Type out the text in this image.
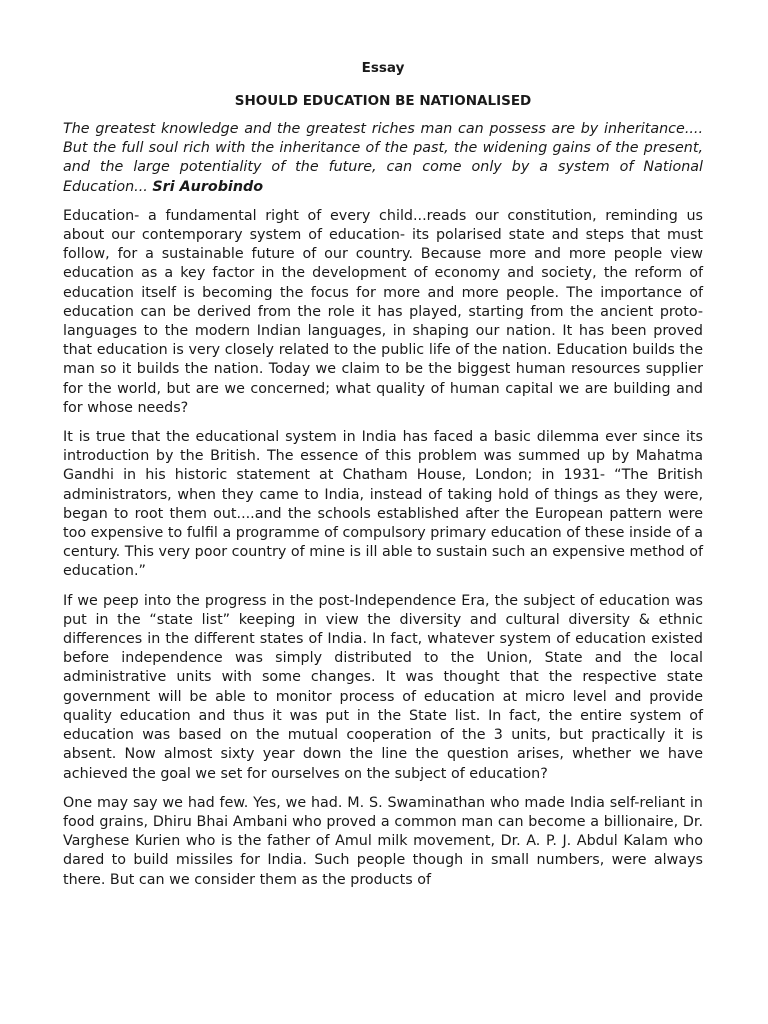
Essay
SHOULD EDUCATION BE NATIONALISED

The greatest knowledge and the greatest riches man can possess are by inheritance.... But the full soul rich with the inheritance of the past, the widening gains of the present, and the large potentiality of the future, can come only by a system of National Education... Sri Aurobindo

Education- a fundamental right of every child...reads our constitution, reminding us about our contemporary system of education- its polarised state and steps that must follow, for a sustainable future of our country. Because more and more people view education as a key factor in the development of economy and society, the reform of education itself is becoming the focus for more and more people. The importance of education can be derived from the role it has played, starting from the ancient proto-languages to the modern Indian languages, in shaping our nation. It has been proved that education is very closely related to the public life of the nation. Education builds the man so it builds the nation. Today we claim to be the biggest human resources supplier for the world, but are we concerned; what quality of human capital we are building and for whose needs?

It is true that the educational system in India has faced a basic dilemma ever since its introduction by the British. The essence of this problem was summed up by Mahatma Gandhi in his historic statement at Chatham House, London; in 1931- “The British administrators, when they came to India, instead of taking hold of things as they were, began to root them out....and the schools established after the European pattern were too expensive to fulfil a programme of compulsory primary education of these inside of a century. This very poor country of mine is ill able to sustain such an expensive method of education.”

If we peep into the progress in the post-Independence Era, the subject of education was put in the “state list” keeping in view the diversity and cultural diversity & ethnic differences in the different states of India. In fact, whatever system of education existed before independence was simply distributed to the Union, State and the local administrative units with some changes. It was thought that the respective state government will be able to monitor process of education at micro level and provide quality education and thus it was put in the State list. In fact, the entire system of education was based on the mutual cooperation of the 3 units, but practically it is absent. Now almost sixty year down the line the question arises, whether we have achieved the goal we set for ourselves on the subject of education?

One may say we had few. Yes, we had. M. S. Swaminathan who made India self-reliant in food grains, Dhiru Bhai Ambani who proved a common man can become a billionaire, Dr. Varghese Kurien who is the father of Amul milk movement, Dr. A. P. J. Abdul Kalam who dared to build missiles for India. Such people though in small numbers, were always there. But can we consider them as the products of
